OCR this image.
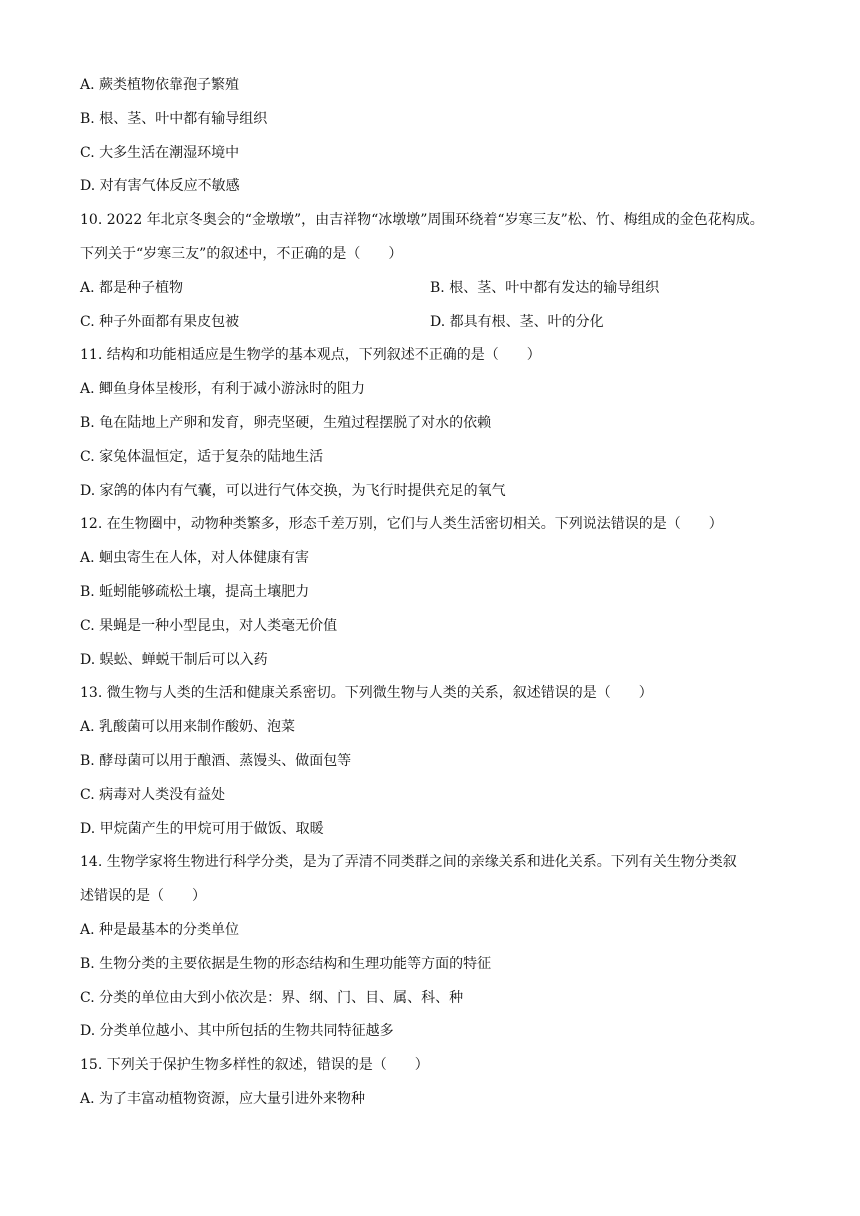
A. 蕨类植物依靠孢子繁殖
B. 根、茎、叶中都有输导组织
C. 大多生活在潮湿环境中
D. 对有害气体反应不敏感
10. 2022 年北京冬奥会的“金墩墩”，由吉祥物“冰墩墩”周围环绕着“岁寒三友”松、竹、梅组成的金色花构成。
下列关于“岁寒三友”的叙述中，不正确的是（　　）
A. 都是种子植物	B. 根、茎、叶中都有发达的输导组织
C. 种子外面都有果皮包被	D. 都具有根、茎、叶的分化
11. 结构和功能相适应是生物学的基本观点，下列叙述不正确的是（　　）
A. 鲫鱼身体呈梭形，有利于减小游泳时的阻力
B. 龟在陆地上产卵和发育，卵壳坚硬，生殖过程摆脱了对水的依赖
C. 家兔体温恒定，适于复杂的陆地生活
D. 家鸽的体内有气囊，可以进行气体交换，为飞行时提供充足的氧气
12. 在生物圈中，动物种类繁多，形态千差万别，它们与人类生活密切相关。下列说法错误的是（　　）
A. 蛔虫寄生在人体，对人体健康有害
B. 蚯蚓能够疏松土壤，提高土壤肥力
C. 果蝇是一种小型昆虫，对人类毫无价值
D. 蜈蚣、蝉蜕干制后可以入药
13. 微生物与人类的生活和健康关系密切。下列微生物与人类的关系，叙述错误的是（　　）
A. 乳酸菌可以用来制作酸奶、泡菜
B. 酵母菌可以用于酿酒、蒸馒头、做面包等
C. 病毒对人类没有益处
D. 甲烷菌产生的甲烷可用于做饭、取暖
14. 生物学家将生物进行科学分类，是为了弄清不同类群之间的亲缘关系和进化关系。下列有关生物分类叙
述错误的是（　　）
A. 种是最基本的分类单位
B. 生物分类的主要依据是生物的形态结构和生理功能等方面的特征
C. 分类的单位由大到小依次是：界、纲、门、目、属、科、种
D. 分类单位越小、其中所包括的生物共同特征越多
15. 下列关于保护生物多样性的叙述，错误的是（　　）
A. 为了丰富动植物资源，应大量引进外来物种
